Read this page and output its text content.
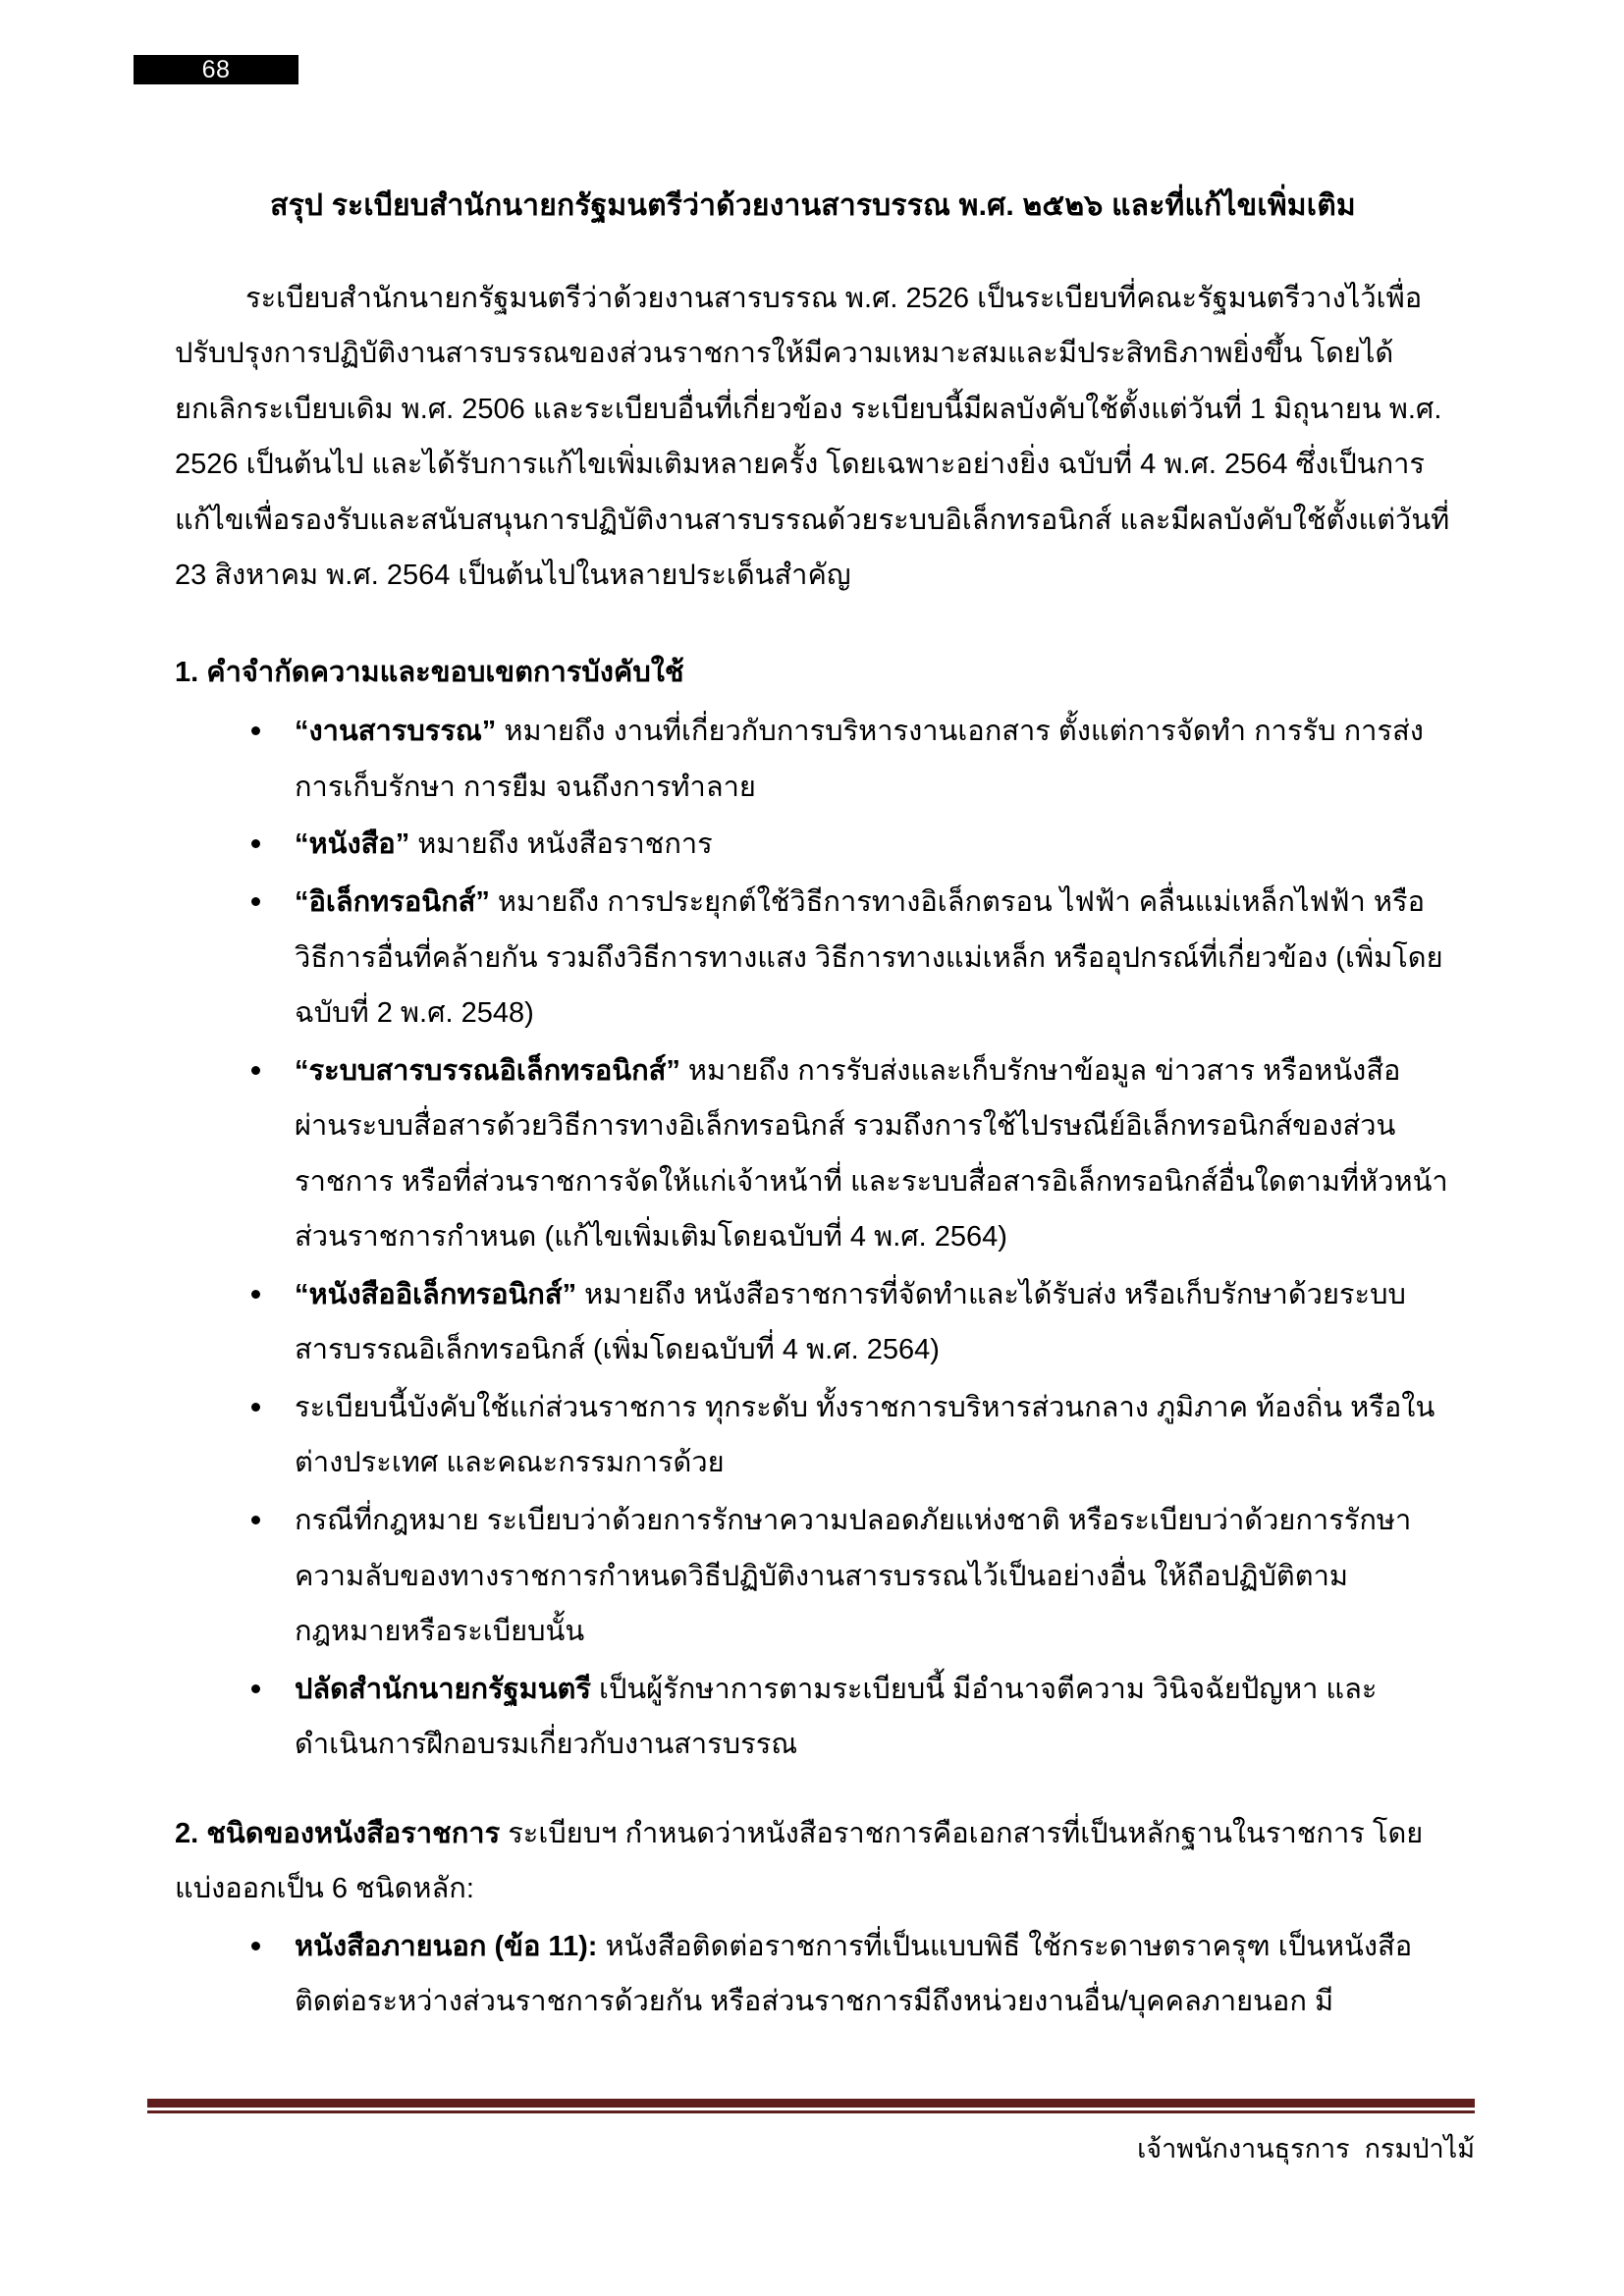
68
สรุป ระเบียบสำนักนายกรัฐมนตรีว่าด้วยงานสารบรรณ พ.ศ. ๒๕๒๖ และที่แก้ไขเพิ่มเติม

ระเบียบสำนักนายกรัฐมนตรีว่าด้วยงานสารบรรณ พ.ศ. 2526 เป็นระเบียบที่คณะรัฐมนตรีวางไว้เพื่อปรับปรุงการปฏิบัติงานสารบรรณของส่วนราชการให้มีความเหมาะสมและมีประสิทธิภาพยิ่งขึ้น โดยได้ยกเลิกระเบียบเดิม พ.ศ. 2506 และระเบียบอื่นที่เกี่ยวข้อง ระเบียบนี้มีผลบังคับใช้ตั้งแต่วันที่ 1 มิถุนายน พ.ศ. 2526 เป็นต้นไป และได้รับการแก้ไขเพิ่มเติมหลายครั้ง โดยเฉพาะอย่างยิ่ง ฉบับที่ 4 พ.ศ. 2564 ซึ่งเป็นการแก้ไขเพื่อรองรับและสนับสนุนการปฏิบัติงานสารบรรณด้วยระบบอิเล็กทรอนิกส์ และมีผลบังคับใช้ตั้งแต่วันที่ 23 สิงหาคม พ.ศ. 2564 เป็นต้นไปในหลายประเด็นสำคัญ

1. คำจำกัดความและขอบเขตการบังคับใช้
“งานสารบรรณ” หมายถึง งานที่เกี่ยวกับการบริหารงานเอกสาร ตั้งแต่การจัดทำ การรับ การส่ง การเก็บรักษา การยืม จนถึงการทำลาย
“หนังสือ” หมายถึง หนังสือราชการ
“อิเล็กทรอนิกส์” หมายถึง การประยุกต์ใช้วิธีการทางอิเล็กตรอน ไฟฟ้า คลื่นแม่เหล็กไฟฟ้า หรือวิธีการอื่นที่คล้ายกัน รวมถึงวิธีการทางแสง วิธีการทางแม่เหล็ก หรืออุปกรณ์ที่เกี่ยวข้อง (เพิ่มโดยฉบับที่ 2 พ.ศ. 2548)
“ระบบสารบรรณอิเล็กทรอนิกส์” หมายถึง การรับส่งและเก็บรักษาข้อมูล ข่าวสาร หรือหนังสือผ่านระบบสื่อสารด้วยวิธีการทางอิเล็กทรอนิกส์ รวมถึงการใช้ไปรษณีย์อิเล็กทรอนิกส์ของส่วนราชการ หรือที่ส่วนราชการจัดให้แก่เจ้าหน้าที่ และระบบสื่อสารอิเล็กทรอนิกส์อื่นใดตามที่หัวหน้าส่วนราชการกำหนด (แก้ไขเพิ่มเติมโดยฉบับที่ 4 พ.ศ. 2564)
“หนังสืออิเล็กทรอนิกส์” หมายถึง หนังสือราชการที่จัดทำและได้รับส่ง หรือเก็บรักษาด้วยระบบสารบรรณอิเล็กทรอนิกส์ (เพิ่มโดยฉบับที่ 4 พ.ศ. 2564)
ระเบียบนี้บังคับใช้แก่ส่วนราชการ ทุกระดับ ทั้งราชการบริหารส่วนกลาง ภูมิภาค ท้องถิ่น หรือในต่างประเทศ และคณะกรรมการด้วย
กรณีที่กฎหมาย ระเบียบว่าด้วยการรักษาความปลอดภัยแห่งชาติ หรือระเบียบว่าด้วยการรักษาความลับของทางราชการกำหนดวิธีปฏิบัติงานสารบรรณไว้เป็นอย่างอื่น ให้ถือปฏิบัติตามกฎหมายหรือระเบียบนั้น
ปลัดสำนักนายกรัฐมนตรี เป็นผู้รักษาการตามระเบียบนี้ มีอำนาจตีความ วินิจฉัยปัญหา และดำเนินการฝึกอบรมเกี่ยวกับงานสารบรรณ

2. ชนิดของหนังสือราชการ ระเบียบฯ กำหนดว่าหนังสือราชการคือเอกสารที่เป็นหลักฐานในราชการ โดยแบ่งออกเป็น 6 ชนิดหลัก:

หนังสือภายนอก (ข้อ 11): หนังสือติดต่อราชการที่เป็นแบบพิธี ใช้กระดาษตราครุฑ เป็นหนังสือติดต่อระหว่างส่วนราชการด้วยกัน หรือส่วนราชการมีถึงหน่วยงานอื่น/บุคคลภายนอก มี
เจ้าพนักงานธุรการ  กรมป่าไม้
